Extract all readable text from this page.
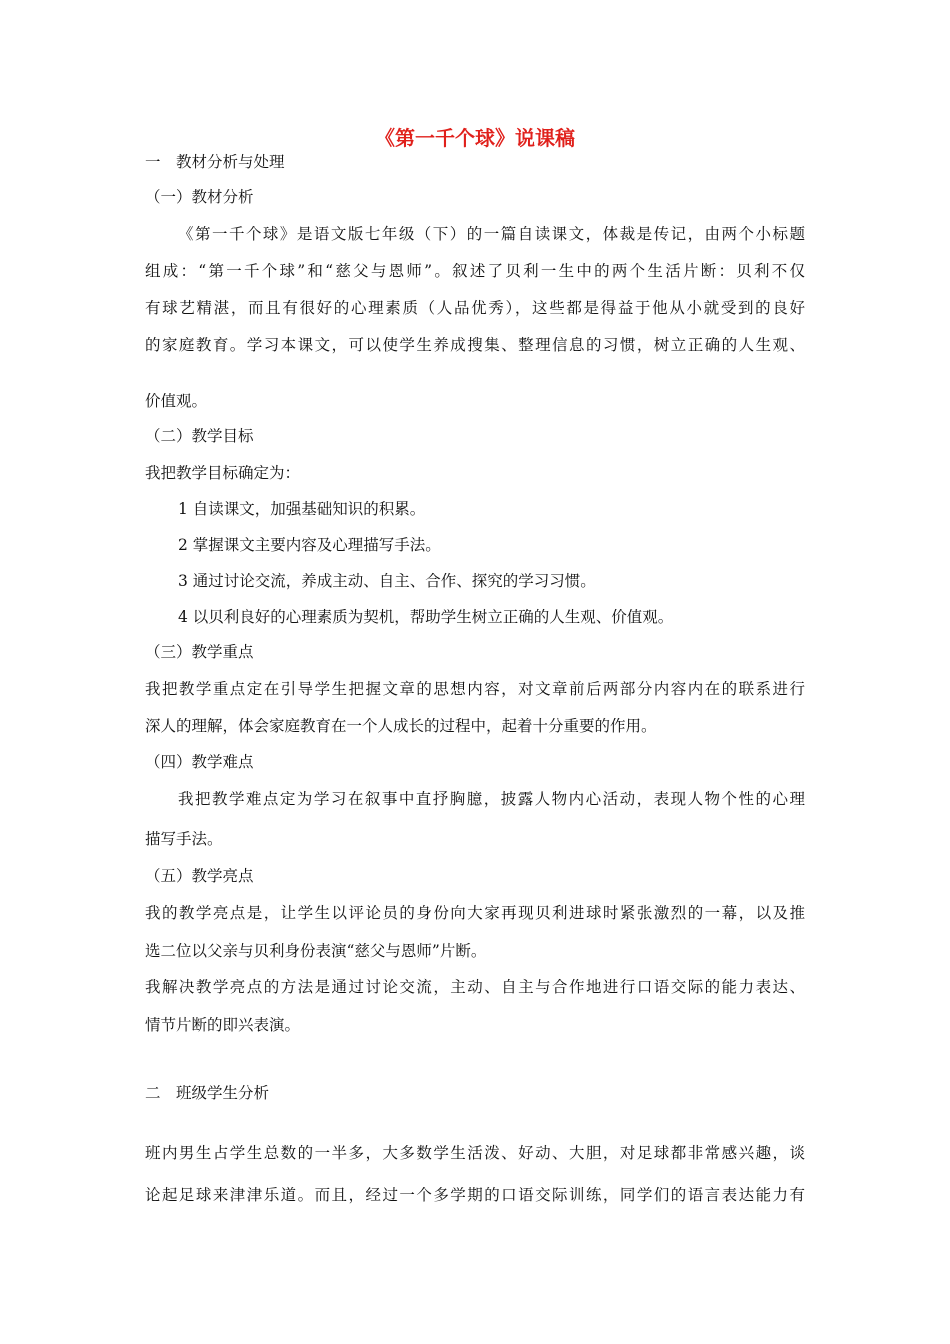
《第一千个球》说课稿
一　教材分析与处理
（一）教材分析
《第一千个球》是语文版七年级（下）的一篇自读课文，体裁是传记，由两个小标题
组成：“第一千个球”和“慈父与恩师”。叙述了贝利一生中的两个生活片断：贝利不仅
有球艺精湛，而且有很好的心理素质（人品优秀），这些都是得益于他从小就受到的良好
的家庭教育。学习本课文，可以使学生养成搜集、整理信息的习惯，树立正确的人生观、
价值观。
（二）教学目标
我把教学目标确定为：
1 自读课文，加强基础知识的积累。
2 掌握课文主要内容及心理描写手法。
3 通过讨论交流，养成主动、自主、合作、探究的学习习惯。
4 以贝利良好的心理素质为契机，帮助学生树立正确的人生观、价值观。
（三）教学重点
我把教学重点定在引导学生把握文章的思想内容，对文章前后两部分内容内在的联系进行
深人的理解，体会家庭教育在一个人成长的过程中，起着十分重要的作用。
（四）教学难点
我把教学难点定为学习在叙事中直抒胸臆，披露人物内心活动，表现人物个性的心理
描写手法。
（五）教学亮点
我的教学亮点是，让学生以评论员的身份向大家再现贝利进球时紧张激烈的一幕，以及推
选二位以父亲与贝利身份表演“慈父与恩师”片断。
我解决教学亮点的方法是通过讨论交流，主动、自主与合作地进行口语交际的能力表达、
情节片断的即兴表演。
二　班级学生分析
班内男生占学生总数的一半多，大多数学生活泼、好动、大胆，对足球都非常感兴趣，谈
论起足球来津津乐道。而且，经过一个多学期的口语交际训练，同学们的语言表达能力有
